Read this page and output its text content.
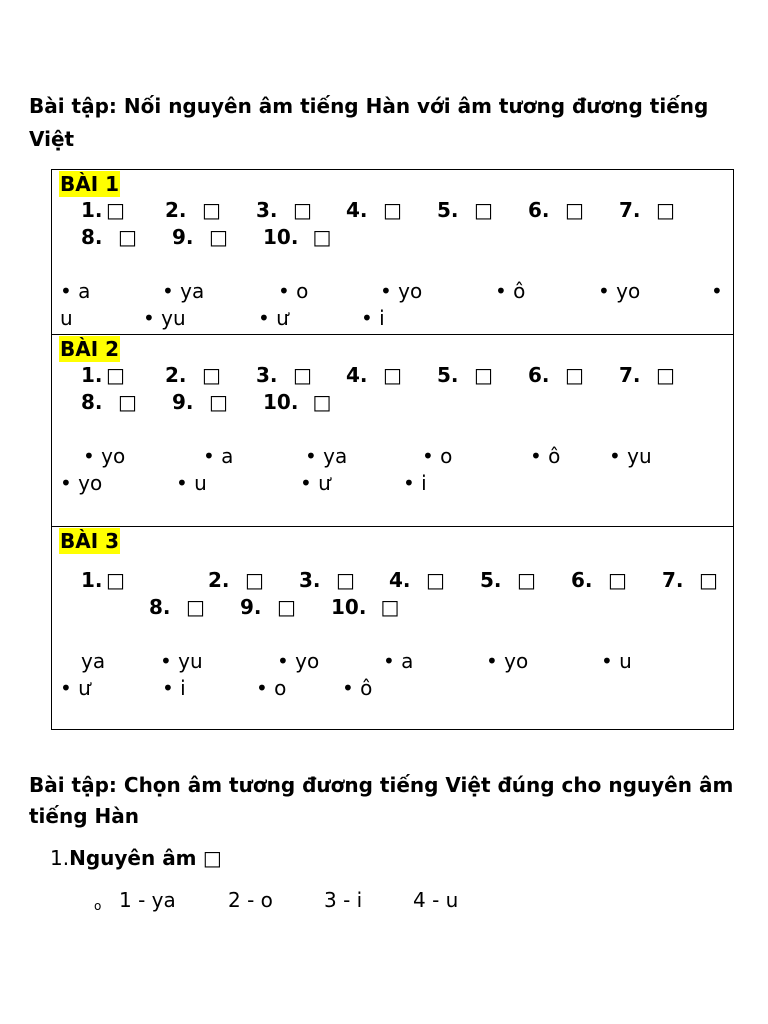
Bài tập: Nối nguyên âm tiếng Hàn với âm tương đương tiếng Việt

BÀI 1
1. □ 2. □ 3. □ 4. □ 5. □ 6. □ 7. □
8. □ 9. □ 10. □
• a	• ya	• o	• yo	• ô	• yo	•
u	• yu	• ư	• i
BÀI 2
1. □ 2. □ 3. □ 4. □ 5. □ 6. □ 7. □
8. □ 9. □ 10. □
• yo	• a	• ya	• o	• ô • yu
• yo	• u	• ư	• i
BÀI 3
1. □	2. □ 3. □ 4. □ 5. □ 6. □ 7. □
8. □ 9. □ 10. □
ya	• yu	• yo	• a	• yo	• u
• ư	• i	• o	• ô

Bài tập: Chọn âm tương đương tiếng Việt đúng cho nguyên âm tiếng Hàn

1.Nguyên âm □
o 1 - ya	2 - o	3 - i	4 - u
